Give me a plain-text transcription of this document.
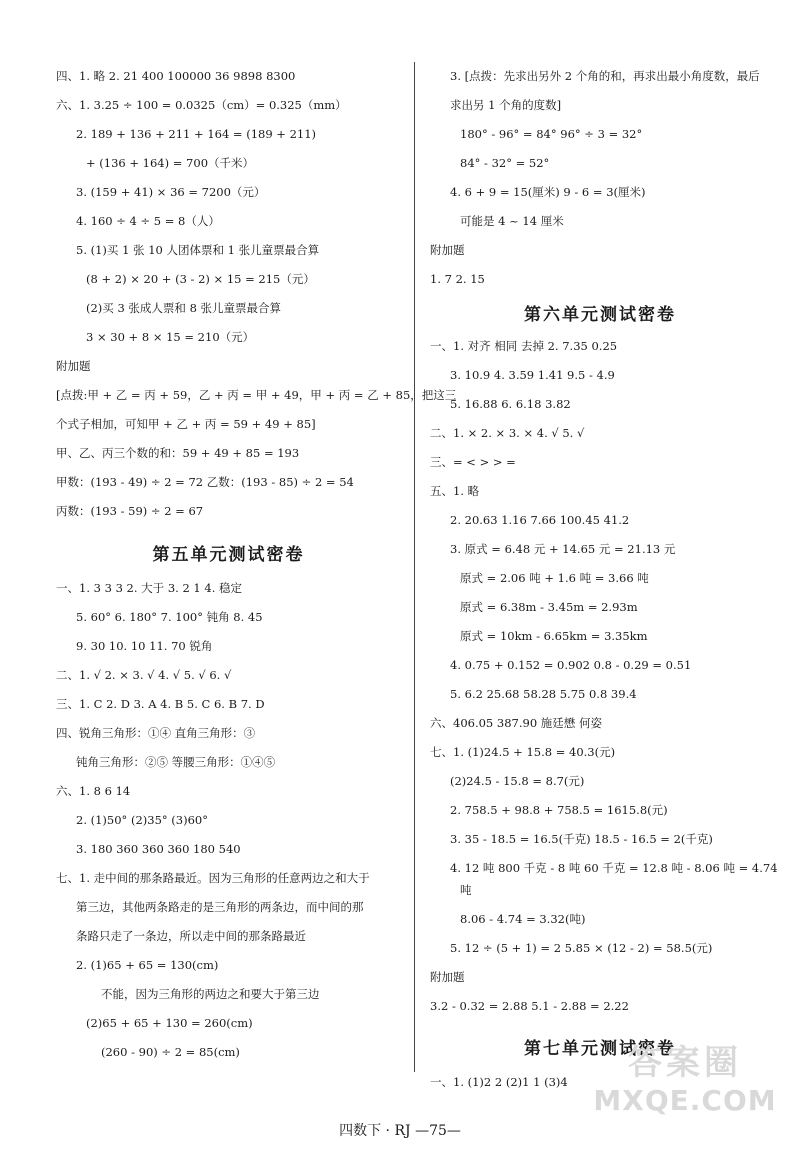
四、1. 略 2. 21 400 100000 36 9898 8300
六、1. 3.25 ÷ 100 = 0.0325（cm）= 0.325（mm）
2. 189 + 136 + 211 + 164 = (189 + 211)
+ (136 + 164) = 700（千米）
3. (159 + 41) × 36 = 7200（元）
4. 160 ÷ 4 ÷ 5 = 8（人）
5. (1)买 1 张 10 人团体票和 1 张儿童票最合算
(8 + 2) × 20 + (3 - 2) × 15 = 215（元）
(2)买 3 张成人票和 8 张儿童票最合算
3 × 30 + 8 × 15 = 210（元）
附加题
[点拨:甲 + 乙 = 丙 + 59，乙 + 丙 = 甲 + 49，甲 + 丙 = 乙 + 85，把这三
个式子相加，可知甲 + 乙 + 丙 = 59 + 49 + 85]
甲、乙、丙三个数的和：59 + 49 + 85 = 193
甲数：(193 - 49) ÷ 2 = 72 乙数：(193 - 85) ÷ 2 = 54
丙数：(193 - 59) ÷ 2 = 67
第五单元测试密卷
一、1. 3 3 3 2. 大于 3. 2 1 4. 稳定
5. 60° 6. 180° 7. 100° 钝角 8. 45
9. 30 10. 10 11. 70 锐角
二、1. √ 2. × 3. √ 4. √ 5. √ 6. √
三、1. C 2. D 3. A 4. B 5. C 6. B 7. D
四、锐角三角形：①④ 直角三角形：③
钝角三角形：②⑤ 等腰三角形：①④⑤
六、1. 8 6 14
2. (1)50° (2)35° (3)60°
3. 180 360 360 360 180 540
七、1. 走中间的那条路最近。因为三角形的任意两边之和大于
第三边，其他两条路走的是三角形的两条边，而中间的那
条路只走了一条边，所以走中间的那条路最近
2. (1)65 + 65 = 130(cm)
不能，因为三角形的两边之和要大于第三边
(2)65 + 65 + 130 = 260(cm)
(260 - 90) ÷ 2 = 85(cm)
3. [点拨：先求出另外 2 个角的和，再求出最小角度数，最后
求出另 1 个角的度数]
180° - 96° = 84° 96° ÷ 3 = 32°
84° - 32° = 52°
4. 6 + 9 = 15(厘米) 9 - 6 = 3(厘米)
可能是 4 ~ 14 厘米
附加题
1. 7 2. 15
第六单元测试密卷
一、1. 对齐 相同 去掉 2. 7.35 0.25
3. 10.9 4. 3.59 1.41 9.5 - 4.9
5. 16.88 6. 6.18 3.82
二、1. × 2. × 3. × 4. √ 5. √
三、= < > > =
五、1. 略
2. 20.63 1.16 7.66 100.45 41.2
3. 原式 = 6.48 元 + 14.65 元 = 21.13 元
原式 = 2.06 吨 + 1.6 吨 = 3.66 吨
原式 = 6.38m - 3.45m = 2.93m
原式 = 10km - 6.65km = 3.35km
4. 0.75 + 0.152 = 0.902 0.8 - 0.29 = 0.51
5. 6.2 25.68 58.28 5.75 0.8 39.4
六、406.05 387.90 施廷懋 何姿
七、1. (1)24.5 + 15.8 = 40.3(元)
(2)24.5 - 15.8 = 8.7(元)
2. 758.5 + 98.8 + 758.5 = 1615.8(元)
3. 35 - 18.5 = 16.5(千克) 18.5 - 16.5 = 2(千克)
4. 12 吨 800 千克 - 8 吨 60 千克 = 12.8 吨 - 8.06 吨 = 4.74
吨
8.06 - 4.74 = 3.32(吨)
5. 12 ÷ (5 + 1) = 2 5.85 × (12 - 2) = 58.5(元)
附加题
3.2 - 0.32 = 2.88 5.1 - 2.88 = 2.22
第七单元测试密卷
一、1. (1)2 2 (2)1 1 (3)4
四数下 · RJ —75—
答案圈
MXQE.COM
